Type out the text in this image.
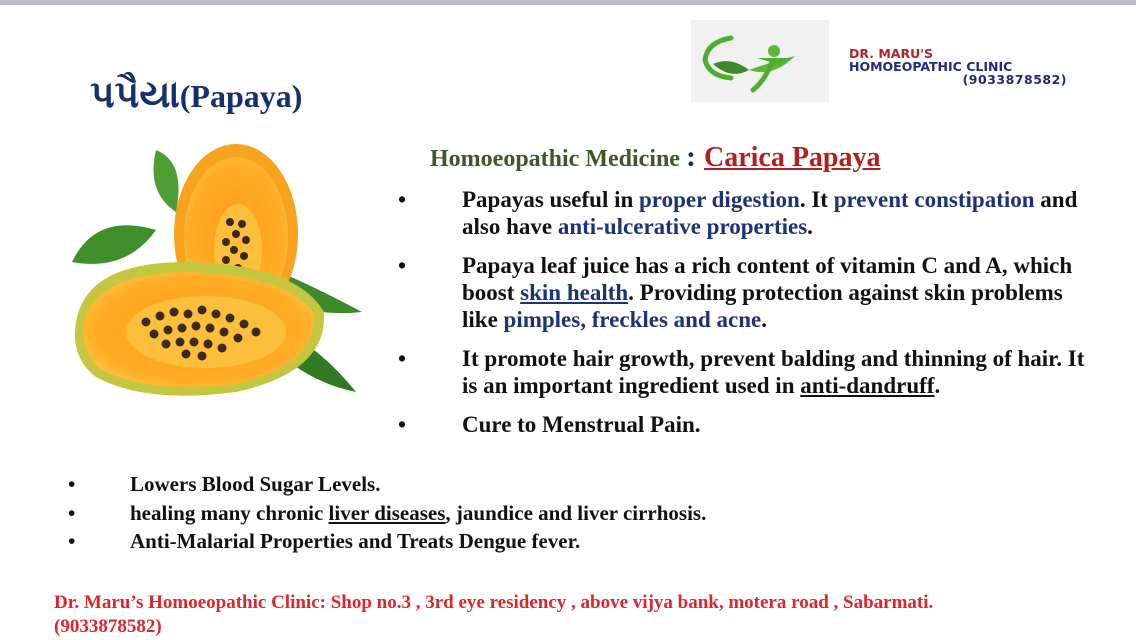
પપૈયા(Papaya)
DR. MARU'S
HOMOEOPATHIC CLINIC
(9033878582)
Homoeopathic Medicine : Carica Papaya
• Papayas useful in proper digestion. It prevent constipation and also have anti-ulcerative properties.
• Papaya leaf juice has a rich content of vitamin C and A, which boost skin health. Providing protection against skin problems like pimples, freckles and acne.
• It promote hair growth, prevent balding and thinning of hair. It is an important ingredient used in anti-dandruff.
• Cure to Menstrual Pain.
•	Lowers Blood Sugar Levels.
•	healing many chronic liver diseases, jaundice and liver cirrhosis.
•	Anti-Malarial Properties and Treats Dengue fever.
Dr. Maru’s Homoeopathic Clinic: Shop no.3 , 3rd eye residency , above vijya bank, motera road , Sabarmati.
(9033878582)
